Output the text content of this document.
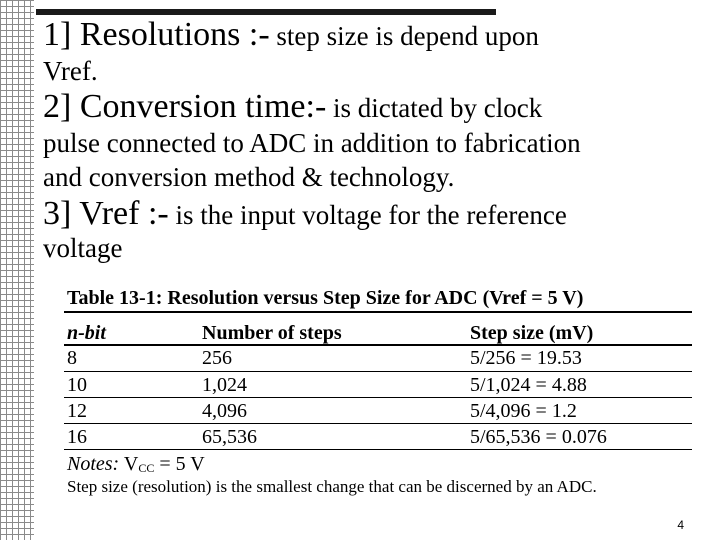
1] Resolutions :- step size is depend upon

Vref.

2] Conversion time:- is dictated by clock

pulse connected to ADC in addition to fabrication

and conversion method & technology.

3] Vref :- is the input voltage for the reference

voltage

Table 13-1: Resolution versus Step Size for ADC (Vref = 5 V)
n-bit	Number of steps	Step size (mV)
8	256	5/256 = 19.53
10	1,024	5/1,024 = 4.88
12	4,096	5/4,096 = 1.2
16	65,536	5/65,536 = 0.076
Notes: VCC = 5 V
Step size (resolution) is the smallest change that can be discerned by an ADC.
4
